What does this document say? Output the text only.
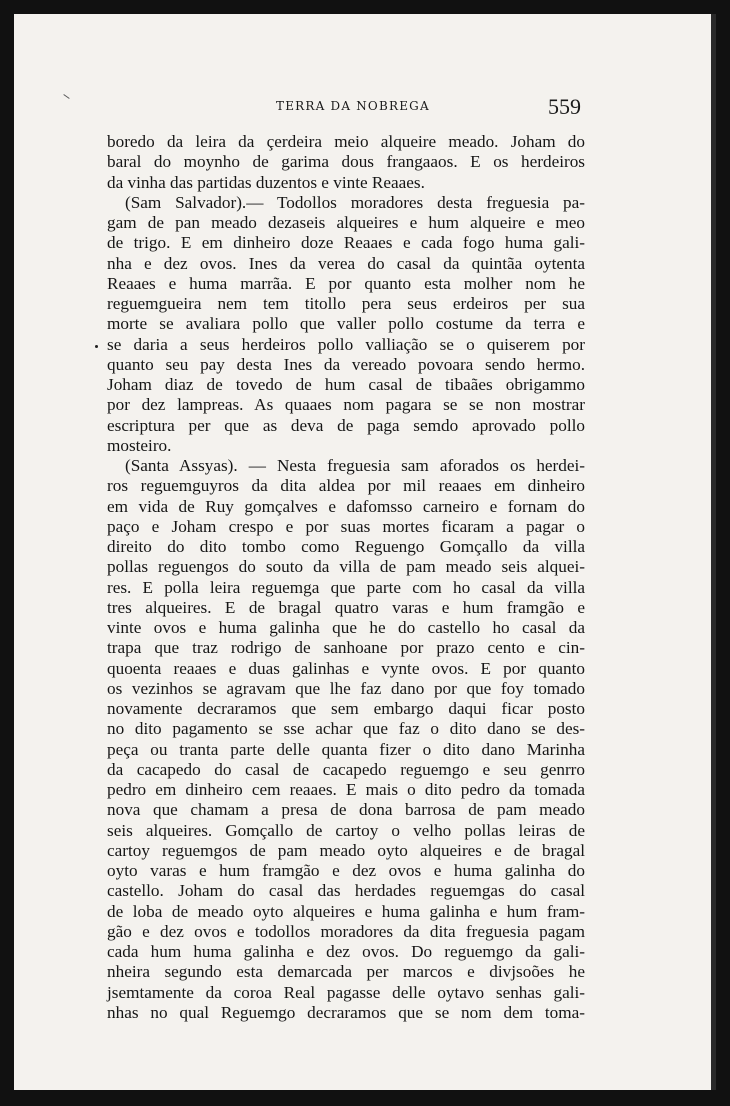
TERRA DA NOBREGA	559
boredo da leira da çerdeira meio alqueire meado. Joham do
baral do moynho de garima dous frangaaos. E os herdeiros
da vinha das partidas duzentos e vinte Reaaes.
(Sam Salvador).— Todollos moradores desta freguesia pa-
gam de pan meado dezaseis alqueires e hum alqueire e meo
de trigo. E em dinheiro doze Reaaes e cada fogo huma gali-
nha e dez ovos. Ines da verea do casal da quintãa oytenta
Reaaes e huma marrãa. E por quanto esta molher nom he
reguemgueira nem tem titollo pera seus erdeiros per sua
morte se avaliara pollo que valler pollo costume da terra e
se daria a seus herdeiros pollo valliação se o quiserem por
quanto seu pay desta Ines da vereado povoara sendo hermo.
Joham diaz de tovedo de hum casal de tibaães obrigammo
por dez lampreas. As quaaes nom pagara se se non mostrar
escriptura per que as deva de paga semdo aprovado pollo
mosteiro.
(Santa Assyas). — Nesta freguesia sam aforados os herdei-
ros reguemguyros da dita aldea por mil reaaes em dinheiro
em vida de Ruy gomçalves e dafomsso carneiro e fornam do
paço e Joham crespo e por suas mortes ficaram a pagar o
direito do dito tombo como Reguengo Gomçallo da villa
pollas reguengos do souto da villa de pam meado seis alquei-
res. E polla leira reguemga que parte com ho casal da villa
tres alqueires. E de bragal quatro varas e hum framgão e
vinte ovos e huma galinha que he do castello ho casal da
trapa que traz rodrigo de sanhoane por prazo cento e cin-
quoenta reaaes e duas galinhas e vynte ovos. E por quanto
os vezinhos se agravam que lhe faz dano por que foy tomado
novamente decraramos que sem embargo daqui ficar posto
no dito pagamento se sse achar que faz o dito dano se des-
peça ou tranta parte delle quanta fizer o dito dano Marinha
da cacapedo do casal de cacapedo reguemgo e seu genrro
pedro em dinheiro cem reaaes. E mais o dito pedro da tomada
nova que chamam a presa de dona barrosa de pam meado
seis alqueires. Gomçallo de cartoy o velho pollas leiras de
cartoy reguemgos de pam meado oyto alqueires e de bragal
oyto varas e hum framgão e dez ovos e huma galinha do
castello. Joham do casal das herdades reguemgas do casal
de loba de meado oyto alqueires e huma galinha e hum fram-
gão e dez ovos e todollos moradores da dita freguesia pagam
cada hum huma galinha e dez ovos. Do reguemgo da gali-
nheira segundo esta demarcada per marcos e divjsoões he
jsemtamente da coroa Real pagasse delle oytavo senhas gali-
nhas no qual Reguemgo decraramos que se nom dem toma-
